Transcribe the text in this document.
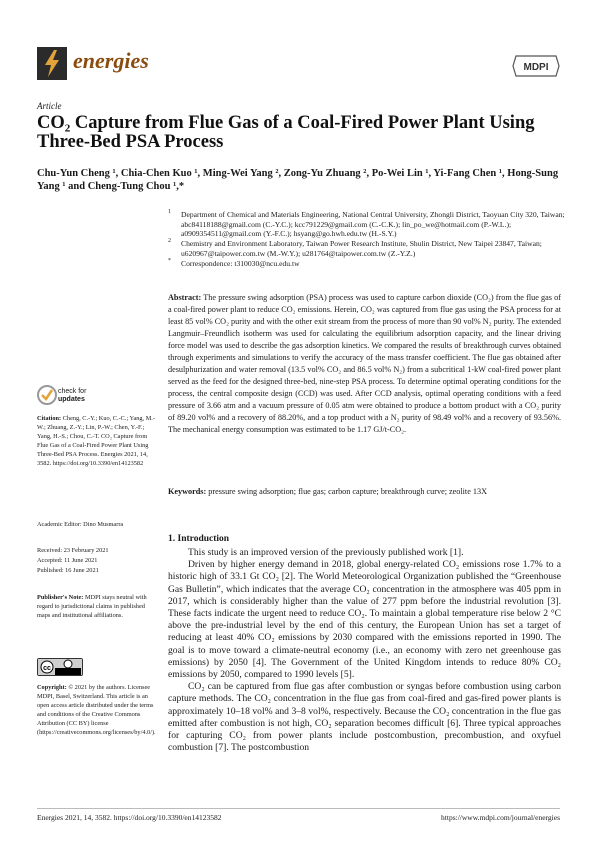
energies	MDPI
Article
CO₂ Capture from Flue Gas of a Coal-Fired Power Plant Using Three-Bed PSA Process
Chu-Yun Cheng ¹, Chia-Chen Kuo ¹, Ming-Wei Yang ², Zong-Yu Zhuang ², Po-Wei Lin ¹, Yi-Fang Chen ¹, Hong-Sung Yang ¹ and Cheng-Tung Chou ¹,*
1 Department of Chemical and Materials Engineering, National Central University, Zhongli District, Taoyuan City 320, Taiwan; abc84118188@gmail.com (C.-Y.C.); kcc791229@gmail.com (C.-C.K.); lin_po_we@hotmail.com (P.-W.L.); a0909354511@gmail.com (Y.-F.C.); hsyang@go.hwh.edu.tw (H.-S.Y.)
2 Chemistry and Environment Laboratory, Taiwan Power Research Institute, Shulin District, New Taipei 23847, Taiwan; u620967@taipower.com.tw (M.-W.Y.); u281764@taipower.com.tw (Z.-Y.Z.)
* Correspondence: t310030@ncu.edu.tw
Abstract: The pressure swing adsorption (PSA) process was used to capture carbon dioxide (CO₂) from the flue gas of a coal-fired power plant to reduce CO₂ emissions. Herein, CO₂ was captured from flue gas using the PSA process for at least 85 vol% CO₂ purity and with the other exit stream from the process of more than 90 vol% N₂ purity. The extended Langmuir–Freundlich isotherm was used for calculating the equilibrium adsorption capacity, and the linear driving force model was used to describe the gas adsorption kinetics. We compared the results of breakthrough curves obtained through experiments and simulations to verify the accuracy of the mass transfer coefficient. The flue gas obtained after desulphurization and water removal (13.5 vol% CO₂ and 86.5 vol% N₂) from a subcritical 1-kW coal-fired power plant served as the feed for the designed three-bed, nine-step PSA process. To determine optimal operating conditions for the process, the central composite design (CCD) was used. After CCD analysis, optimal operating conditions with a feed pressure of 3.66 atm and a vacuum pressure of 0.05 atm were obtained to produce a bottom product with a CO₂ purity of 89.20 vol% and a recovery of 88.20%, and a top product with a N₂ purity of 98.49 vol% and a recovery of 93.56%. The mechanical energy consumption was estimated to be 1.17 GJ/t-CO₂.
Keywords: pressure swing adsorption; flue gas; carbon capture; breakthrough curve; zeolite 13X
check for
updates
Citation: Cheng, C.-Y.; Kuo, C.-C.; Yang, M.-W.; Zhuang, Z.-Y.; Lin, P.-W.; Chen, Y.-F.; Yang, H.-S.; Chou, C.-T. CO₂ Capture from Flue Gas of a Coal-Fired Power Plant Using Three-Bed PSA Process. Energies 2021, 14, 3582. https://doi.org/10.3390/en14123582
Academic Editor: Dino Musmarra
Received: 23 February 2021
Accepted: 11 June 2021
Published: 16 June 2021
Publisher's Note: MDPI stays neutral with regard to jurisdictional claims in published maps and institutional affiliations.
cc
Copyright: © 2021 by the authors. Licensee MDPI, Basel, Switzerland. This article is an open access article distributed under the terms and conditions of the Creative Commons Attribution (CC BY) license (https://creativecommons.org/licenses/by/4.0/).
1. Introduction

This study is an improved version of the previously published work [1].

Driven by higher energy demand in 2018, global energy-related CO₂ emissions rose 1.7% to a historic high of 33.1 Gt CO₂ [2]. The World Meteorological Organization published the “Greenhouse Gas Bulletin”, which indicates that the average CO₂ concentration in the atmosphere was 405 ppm in 2017, which is considerably higher than the value of 277 ppm before the industrial revolution [3]. These facts indicate the urgent need to reduce CO₂. To maintain a global temperature rise below 2 °C above the pre-industrial level by the end of this century, the European Union has set a target of reducing at least 40% CO₂ emissions by 2030 compared with the emissions reported in 1990. The goal is to move toward a climate-neutral economy (i.e., an economy with zero net greenhouse gas emissions) by 2050 [4]. The Government of the United Kingdom intends to reduce 80% CO₂ emissions by 2050, compared to 1990 levels [5].

CO₂ can be captured from flue gas after combustion or syngas before combustion using carbon capture methods. The CO₂ concentration in the flue gas from coal-fired and gas-fired power plants is approximately 10–18 vol% and 3–8 vol%, respectively. Because the CO₂ concentration in the flue gas emitted after combustion is not high, CO₂ separation becomes difficult [6]. Three typical approaches for capturing CO₂ from power plants include postcombustion, precombustion, and oxyfuel combustion [7]. The postcombustion

Energies 2021, 14, 3582. https://doi.org/10.3390/en14123582	https://www.mdpi.com/journal/energies
